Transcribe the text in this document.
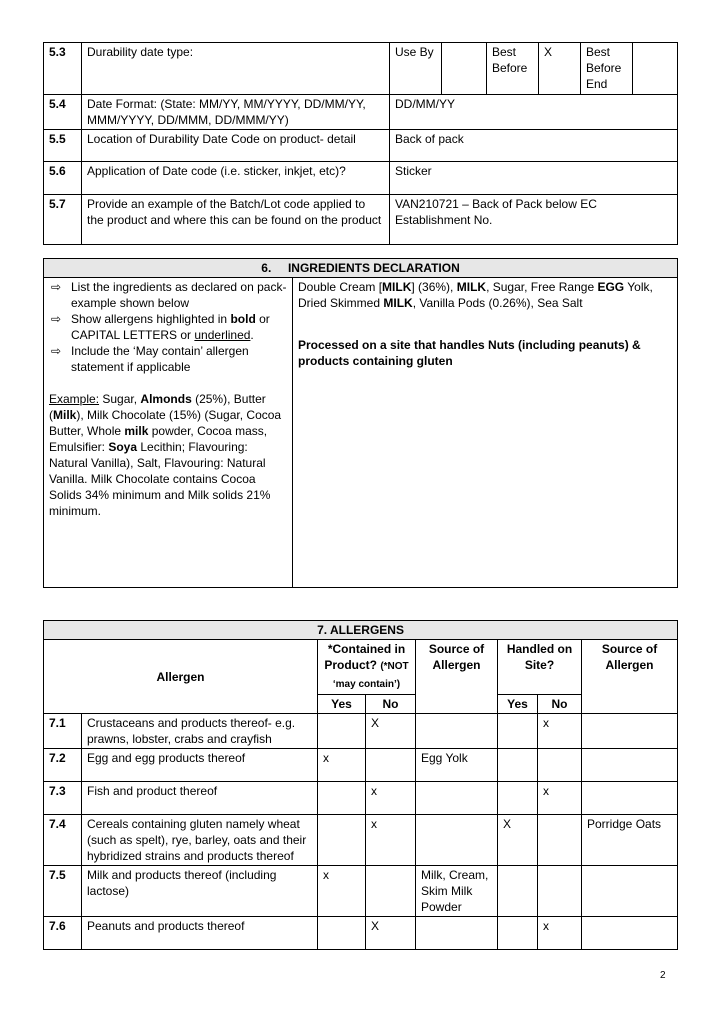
5.3	Durability date type:	Use By		Best Before	X	Best Before End	
5.4	Date Format: (State: MM/YY, MM/YYYY, DD/MM/YY, MMM/YYYY, DD/MMM, DD/MMM/YY)	DD/MM/YY					
5.5	Location of Durability Date Code on product- detail	Back of pack					
5.6	Application of Date code (i.e. sticker, inkjet, etc)?	Sticker					
5.7	Provide an example of the Batch/Lot code applied to the product and where this can be found on the product	VAN210721 – Back of Pack below EC Establishment No.					
6. INGREDIENTS DECLARATION

⇨ List the ingredients as declared on pack- example shown below
⇨ Show allergens highlighted in bold or CAPITAL LETTERS or underlined.
⇨ Include the ‘May contain’ allergen statement if applicable
Example: Sugar, Almonds (25%), Butter (Milk), Milk Chocolate (15%) (Sugar, Cocoa Butter, Whole milk powder, Cocoa mass, Emulsifier: Soya Lecithin; Flavouring: Natural Vanilla), Salt, Flavouring: Natural Vanilla. Milk Chocolate contains Cocoa Solids 34% minimum and Milk solids 21% minimum.

Double Cream [MILK] (36%), MILK, Sugar, Free Range EGG Yolk, Dried Skimmed MILK, Vanilla Pods (0.26%), Sea Salt
Processed on a site that handles Nuts (including peanuts) & products containing gluten
7. ALLERGENS							
Allergen		*Contained in Product? (*NOT ‘may contain’)		Source of Allergen	Handled on Site?		Source of Allergen
		Yes	No		Yes	No	
7.1	Crustaceans and products thereof- e.g. prawns, lobster, crabs and crayfish		X			x	
7.2	Egg and egg products thereof	x		Egg Yolk			
7.3	Fish and product thereof		x			x	
7.4	Cereals containing gluten namely wheat (such as spelt), rye, barley, oats and their hybridized strains and products thereof		x		X		Porridge Oats
7.5	Milk and products thereof (including lactose)	x		Milk, Cream, Skim Milk Powder			
7.6	Peanuts and products thereof		X			x	
2
